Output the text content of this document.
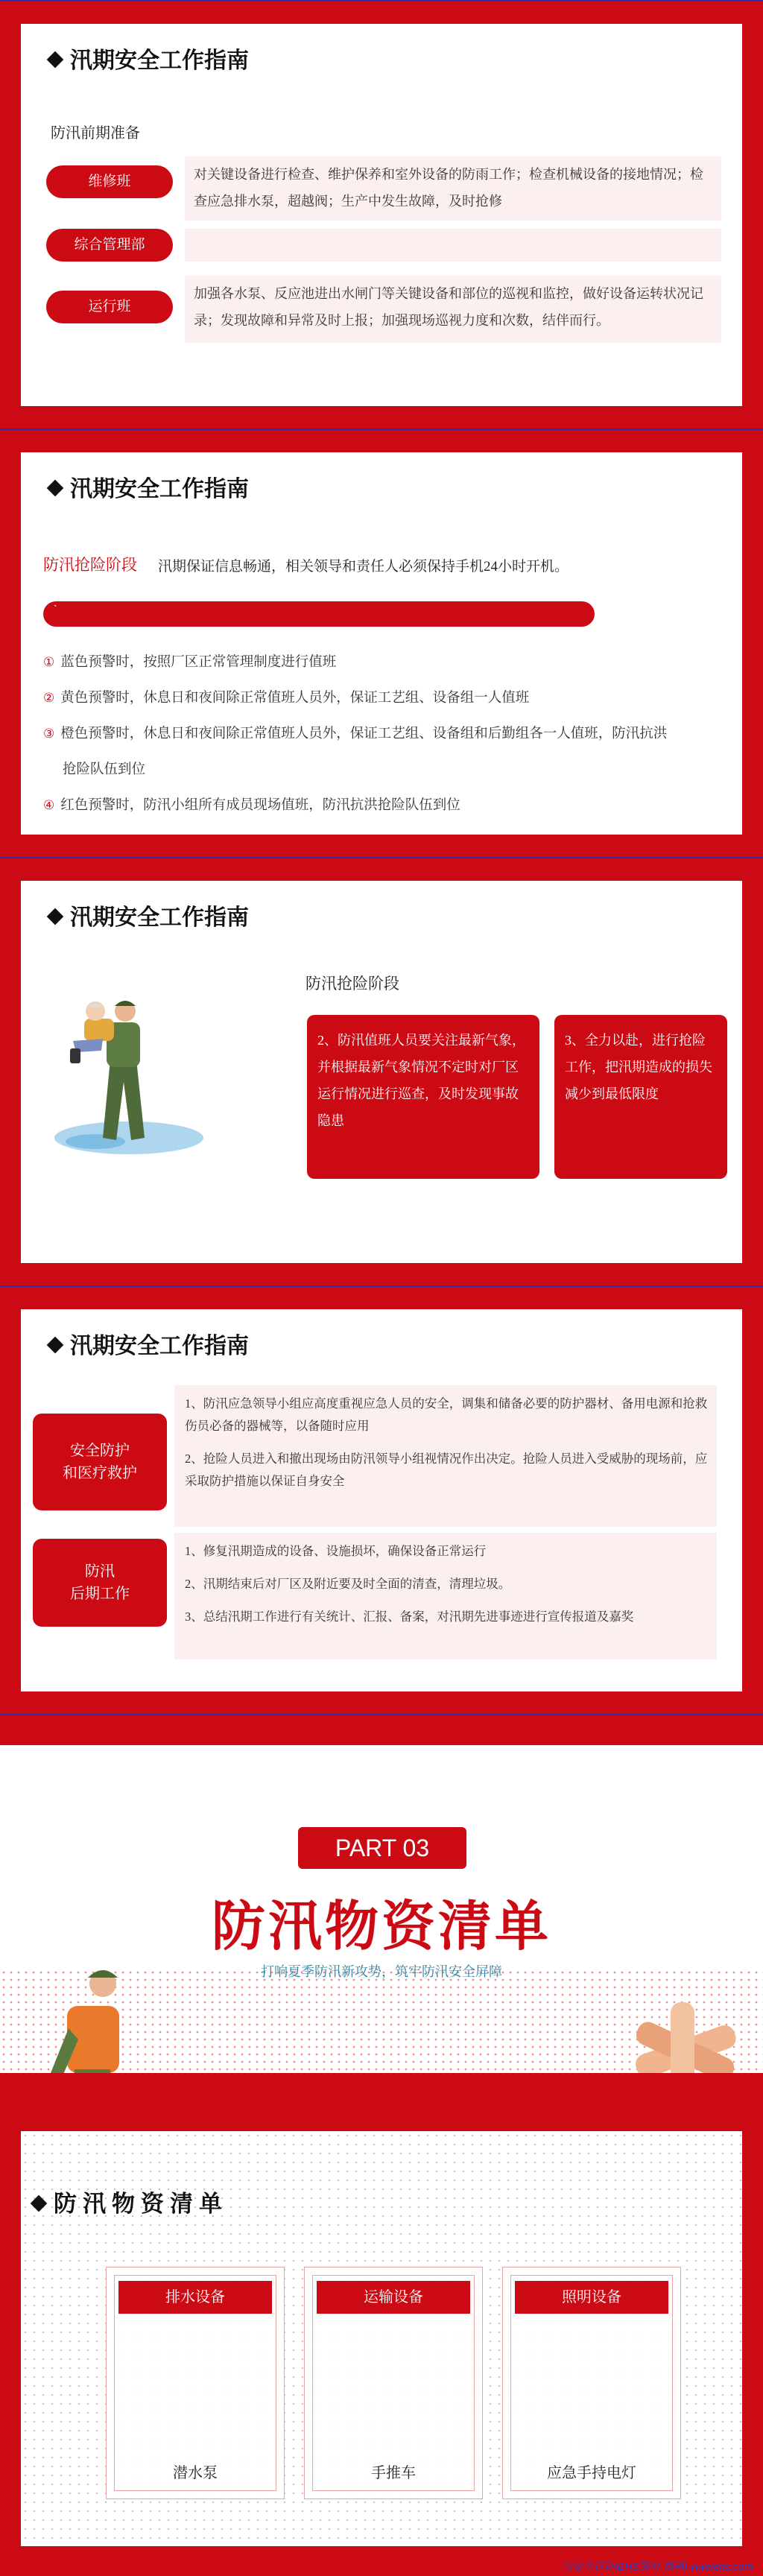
汛期安全工作指南
防汛前期准备
维修班	对关键设备进行检查、维护保养和室外设备的防雨工作；检查机械设备的接地情况；检查应急排水泵，超越阀；生产中发生故障，及时抢修
综合管理部
运行班
加强各水泵、反应池进出水闸门等关键设备和部位的巡视和监控，做好设备运转状况记录；发现故障和异常及时上报；加强现场巡视力度和次数，结伴而行。
汛期安全工作指南
防汛抢险阶段 汛期保证信息畅通，相关领导和责任人必须保持手机24小时开机。
`
① 蓝色预警时，按照厂区正常管理制度进行值班
② 黄色预警时，休息日和夜间除正常值班人员外，保证工艺组、设备组一人值班
③ 橙色预警时，休息日和夜间除正常值班人员外，保证工艺组、设备组和后勤组各一人值班，防汛抗洪
抢险队伍到位
④ 红色预警时，防汛小组所有成员现场值班，防汛抗洪抢险队伍到位
汛期安全工作指南
防汛抢险阶段
2、防汛值班人员要关注最新气象，并根据最新气象情况不定时对厂区运行情况进行巡查，及时发现事故隐患
3、全力以赴，进行抢险工作，把汛期造成的损失减少到最低限度
汛期安全工作指南
安全防护
和医疗救护

1、防汛应急领导小组应高度重视应急人员的安全，调集和储备必要的防护器材、备用电源和抢救伤员必备的器械等，以备随时应用

2、抢险人员进入和撤出现场由防汛领导小组视情况作出决定。抢险人员进入受威胁的现场前，应采取防护措施以保证自身安全

防汛
后期工作

1、修复汛期造成的设备、设施损坏，确保设备正常运行

2、汛期结束后对厂区及附近要及时全面的清查，清理垃圾。

3、总结汛期工作进行有关统计、汇报、备案，对汛期先进事迹进行宣传报道及嘉奖

PART 03
防汛物资清单
打响夏季防汛新攻势，筑牢防汛安全屏障
防汛物资清单
排水设备
潜水泵
运输设备
手推车
照明设备
应急手持电灯
一为安全百科(EHS资料 视频) yiweiehs.com
